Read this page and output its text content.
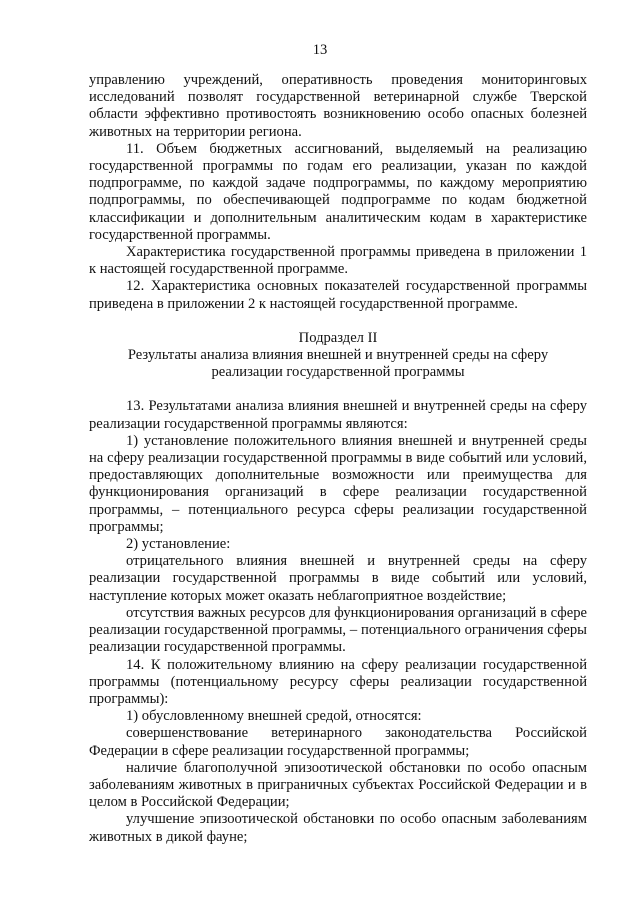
13

управлению учреждений, оперативность проведения мониторинговых исследований позволят государственной ветеринарной службе Тверской области эффективно противостоять возникновению особо опасных болезней животных на территории региона.

11. Объем бюджетных ассигнований, выделяемый на реализацию государственной программы по годам его реализации, указан по каждой подпрограмме, по каждой задаче подпрограммы, по каждому мероприятию подпрограммы, по обеспечивающей подпрограмме по кодам бюджетной классификации и дополнительным аналитическим кодам в характеристике государственной программы.

Характеристика государственной программы приведена в приложении 1 к настоящей государственной программе.

12. Характеристика основных показателей государственной программы приведена в приложении 2 к настоящей государственной программе.

Подраздел II

Результаты анализа влияния внешней и внутренней среды на сферу реализации государственной программы

13. Результатами анализа влияния внешней и внутренней среды на сферу реализации государственной программы являются:

1) установление положительного влияния внешней и внутренней среды на сферу реализации государственной программы в виде событий или условий, предоставляющих дополнительные возможности или преимущества для функционирования организаций в сфере реализации государственной программы, – потенциального ресурса сферы реализации государственной программы;

2) установление:

отрицательного влияния внешней и внутренней среды на сферу реализации государственной программы в виде событий или условий, наступление которых может оказать неблагоприятное воздействие;

отсутствия важных ресурсов для функционирования организаций в сфере реализации государственной программы, – потенциального ограничения сферы реализации государственной программы.

14. К положительному влиянию на сферу реализации государственной программы (потенциальному ресурсу сферы реализации государственной программы):

1) обусловленному внешней средой, относятся:

совершенствование ветеринарного законодательства Российской Федерации в сфере реализации государственной программы;

наличие благополучной эпизоотической обстановки по особо опасным заболеваниям животных в приграничных субъектах Российской Федерации и в целом в Российской Федерации;

улучшение эпизоотической обстановки по особо опасным заболеваниям животных в дикой фауне;
